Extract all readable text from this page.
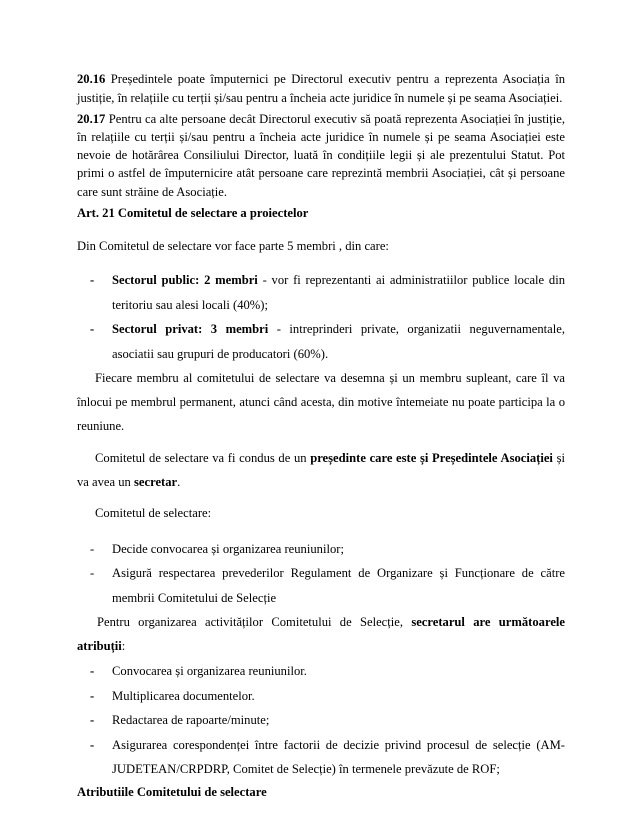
20.16 Președintele poate împuternici pe Directorul executiv pentru a reprezenta Asociația în justiție, în relațiile cu terții și/sau pentru a încheia acte juridice în numele și pe seama Asociației.

20.17 Pentru ca alte persoane decât Directorul executiv să poată reprezenta Asociației în justiție, în relațiile cu terții și/sau pentru a încheia acte juridice în numele și pe seama Asociației este nevoie de hotărârea Consiliului Director, luată în condițiile legii și ale prezentului Statut. Pot primi o astfel de împuternicire atât persoane care reprezintă membrii Asociației, cât și persoane care sunt străine de Asociație.

Art. 21 Comitetul de selectare a proiectelor

Din Comitetul de selectare vor face parte 5 membri , din care:

- Sectorul public: 2 membri - vor fi reprezentanti ai administratiilor publice locale din teritoriu sau alesi locali (40%);

- Sectorul privat: 3 membri - intreprinderi private, organizatii neguvernamentale, asociatii sau grupuri de producatori (60%).

Fiecare membru al comitetului de selectare va desemna și un membru supleant, care îl va înlocui pe membrul permanent, atunci când acesta, din motive întemeiate nu poate participa la o reuniune.

Comitetul de selectare va fi condus de un președinte care este și Președintele Asociației și va avea un secretar.

Comitetul de selectare:

- Decide convocarea și organizarea reuniunilor;

- Asigură respectarea prevederilor Regulament de Organizare și Funcționare de către membrii Comitetului de Selecție

Pentru organizarea activităților Comitetului de Selecție, secretarul are următoarele atribuții:

- Convocarea și organizarea reuniunilor.

- Multiplicarea documentelor.

- Redactarea de rapoarte/minute;

- Asigurarea corespondenței între factorii de decizie privind procesul de selecție (AM-JUDETEAN/CRPDRP, Comitet de Selecție) în termenele prevăzute de ROF;

Atributiile Comitetului de selectare
